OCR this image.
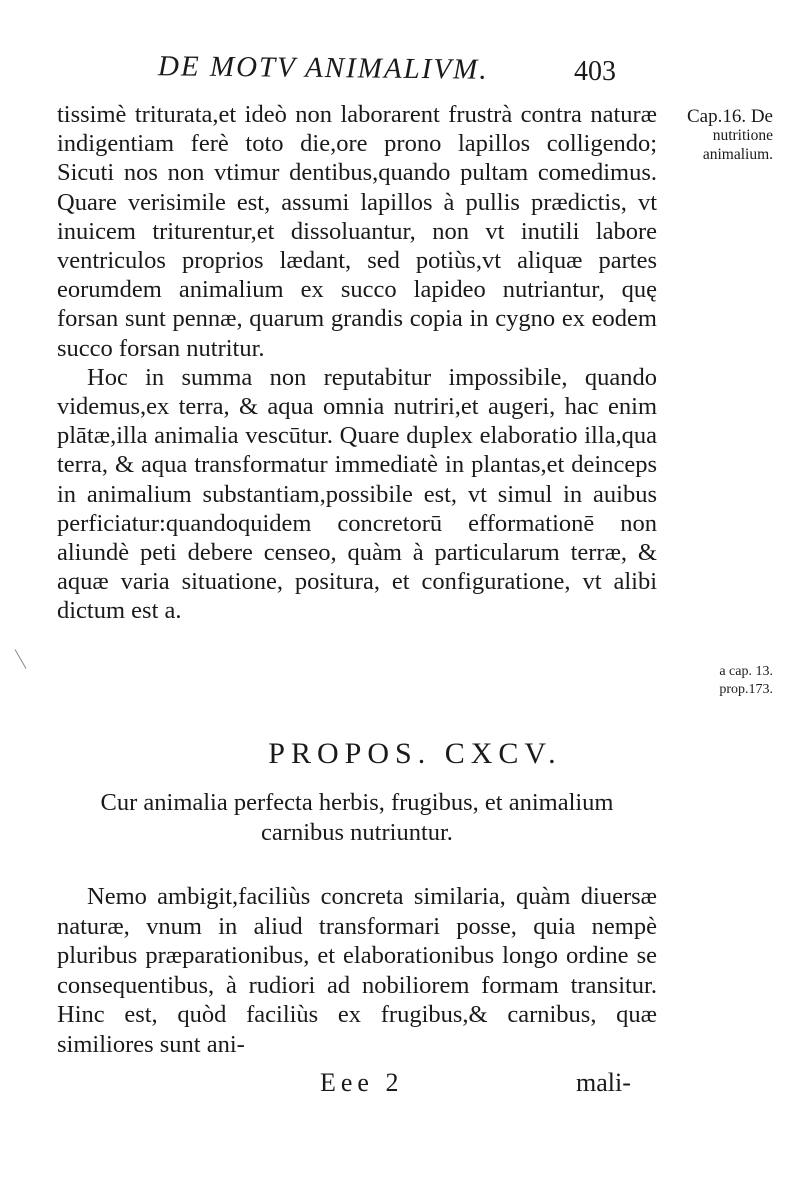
DE MOTV ANIMALIVM.	403

tissimè triturata,et ideò non laborarent frustrà contra naturæ indigentiam ferè toto die,ore prono lapillos colligendo; Sicuti nos non vtimur dentibus,quando pultam comedimus. Quare verisimile est, assumi lapillos à pullis prædictis, vt inuicem triturentur,et dissoluantur, non vt inutili labore ventriculos proprios lædant, sed potiùs,vt aliquæ partes eorumdem animalium ex succo lapideo nutriantur, quę forsan sunt pennæ, quarum grandis copia in cygno ex eodem succo forsan nutritur.

Hoc in summa non reputabitur impossibile, quando videmus,ex terra, & aqua omnia nutriri,et augeri, hac enim plātæ,illa animalia vescūtur. Quare duplex elaboratio illa,qua terra, & aqua transformatur immediatè in plantas,et deinceps in animalium substantiam,possibile est, vt simul in auibus perficiatur:quandoquidem concretorū efformationē non aliundè peti debere censeo, quàm à particularum terræ, & aquæ varia situatione, positura, et configuratione, vt alibi dictum est a.

Cap.16. De
nutritione
animalium.
a cap. 13.
prop.173.
PROPOS. CXCV.
Cur animalia perfecta herbis, frugibus, et animalium carnibus nutriuntur.

Nemo ambigit,faciliùs concreta similaria, quàm diuersæ naturæ, vnum in aliud transformari posse, quia nempè pluribus præparationibus, et elaborationibus longo ordine se consequentibus, à rudiori ad nobiliorem formam transitur. Hinc est, quòd faciliùs ex frugibus,& carnibus, quæ similiores sunt ani-

Eee 2	mali-
